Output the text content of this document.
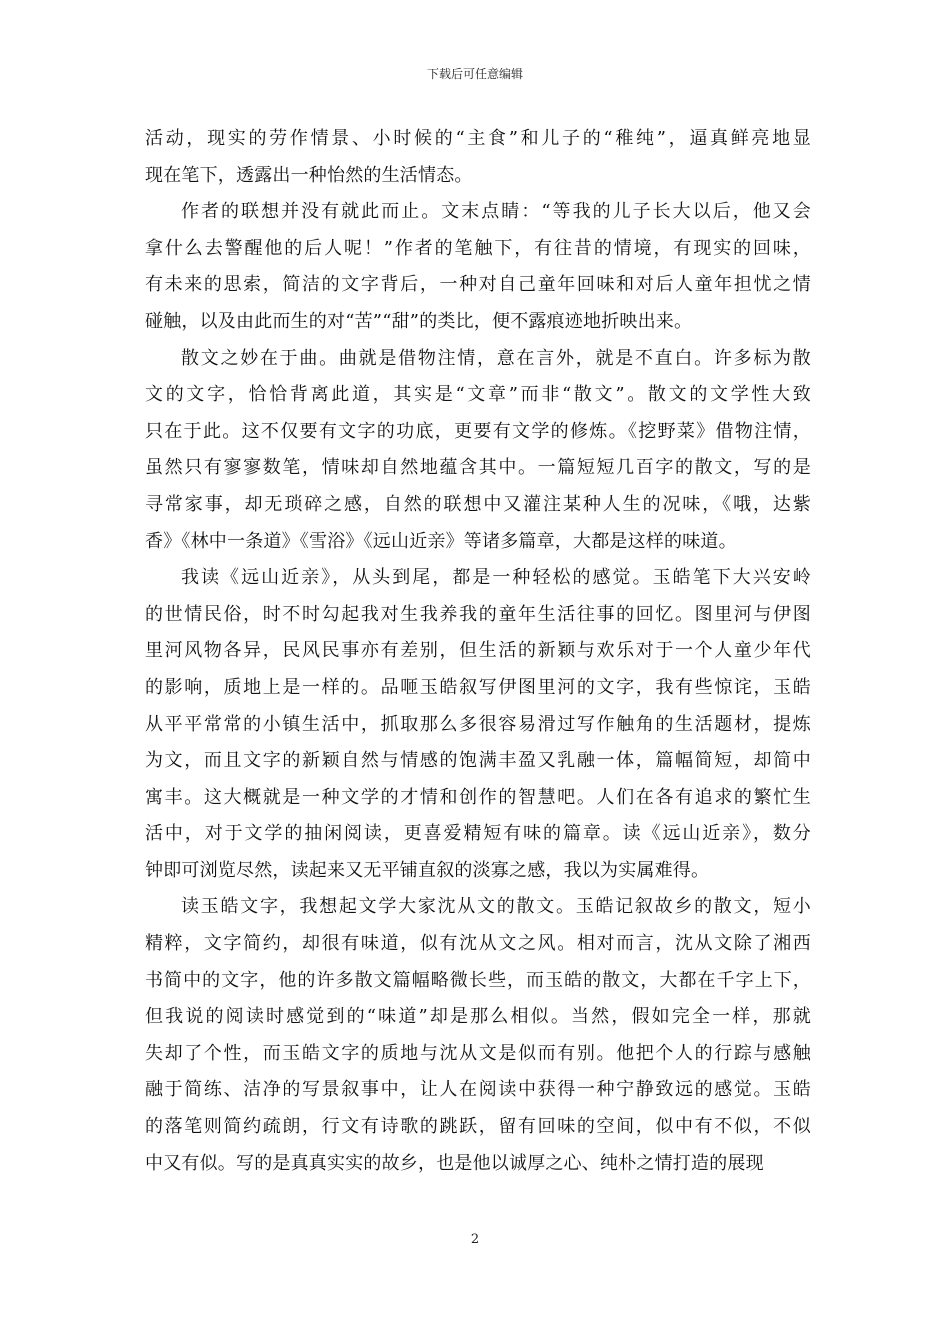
下载后可任意编辑
活动，现实的劳作情景、小时候的“主食”和儿子的“稚纯”，逼真鲜亮地显
现在笔下，透露出一种怡然的生活情态。
作者的联想并没有就此而止。文末点睛：“等我的儿子长大以后，他又会
拿什么去警醒他的后人呢！”作者的笔触下，有往昔的情境，有现实的回味，
有未来的思索，简洁的文字背后，一种对自己童年回味和对后人童年担忧之情
碰触，以及由此而生的对“苦”“甜”的类比，便不露痕迹地折映出来。
散文之妙在于曲。曲就是借物注情，意在言外，就是不直白。许多标为散
文的文字，恰恰背离此道，其实是“文章”而非“散文”。散文的文学性大致
只在于此。这不仅要有文字的功底，更要有文学的修炼。《挖野菜》借物注情，
虽然只有寥寥数笔，情味却自然地蕴含其中。一篇短短几百字的散文，写的是
寻常家事，却无琐碎之感，自然的联想中又灌注某种人生的况味，《哦，达紫
香》《林中一条道》《雪浴》《远山近亲》等诸多篇章，大都是这样的味道。
我读《远山近亲》，从头到尾，都是一种轻松的感觉。玉皓笔下大兴安岭
的世情民俗，时不时勾起我对生我养我的童年生活往事的回忆。图里河与伊图
里河风物各异，民风民事亦有差别，但生活的新颖与欢乐对于一个人童少年代
的影响，质地上是一样的。品咂玉皓叙写伊图里河的文字，我有些惊诧，玉皓
从平平常常的小镇生活中，抓取那么多很容易滑过写作触角的生活题材，提炼
为文，而且文字的新颖自然与情感的饱满丰盈又乳融一体，篇幅简短，却简中
寓丰。这大概就是一种文学的才情和创作的智慧吧。人们在各有追求的繁忙生
活中，对于文学的抽闲阅读，更喜爱精短有味的篇章。读《远山近亲》，数分
钟即可浏览尽然，读起来又无平铺直叙的淡寡之感，我以为实属难得。
读玉皓文字，我想起文学大家沈从文的散文。玉皓记叙故乡的散文，短小
精粹，文字简约，却很有味道，似有沈从文之风。相对而言，沈从文除了湘西
书简中的文字，他的许多散文篇幅略微长些，而玉皓的散文，大都在千字上下，
但我说的阅读时感觉到的“味道”却是那么相似。当然，假如完全一样，那就
失却了个性，而玉皓文字的质地与沈从文是似而有别。他把个人的行踪与感触
融于简练、洁净的写景叙事中，让人在阅读中获得一种宁静致远的感觉。玉皓
的落笔则简约疏朗，行文有诗歌的跳跃，留有回味的空间，似中有不似，不似
中又有似。写的是真真实实的故乡，也是他以诚厚之心、纯朴之情打造的展现
2
